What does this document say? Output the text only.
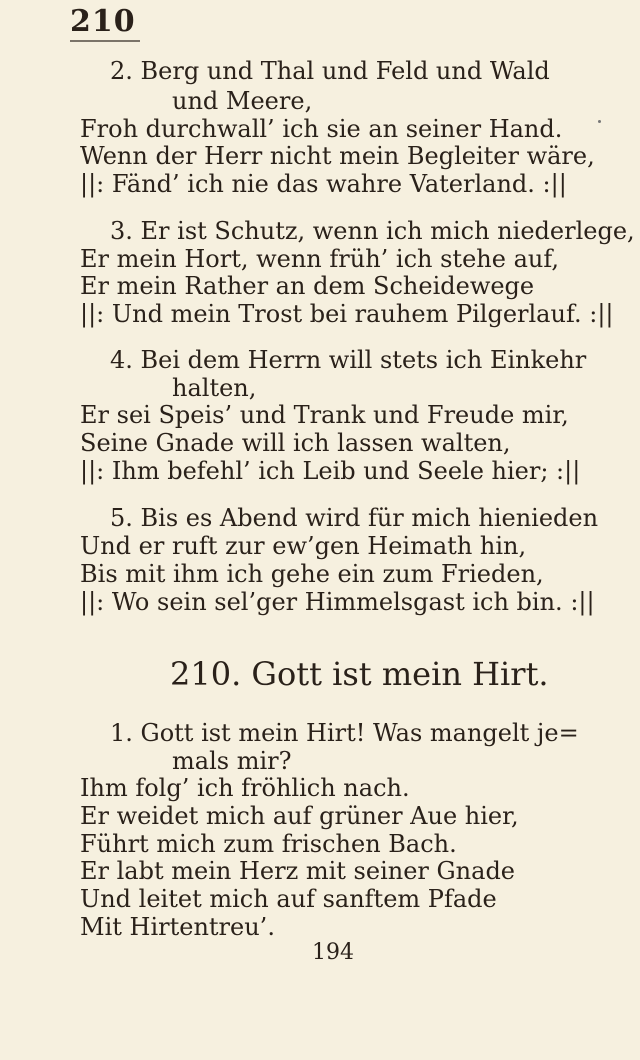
210
2. Berg und Thal und Feld und Wald
und Meere,
Froh durchwall’ ich sie an seiner Hand.
Wenn der Herr nicht mein Begleiter wäre,
||: Fänd’ ich nie das wahre Vaterland. :||
3. Er ist Schutz, wenn ich mich niederlege,
Er mein Hort, wenn früh’ ich stehe auf,
Er mein Rather an dem Scheidewege
||: Und mein Trost bei rauhem Pilgerlauf. :||
4. Bei dem Herrn will stets ich Einkehr
halten,
Er sei Speis’ und Trank und Freude mir,
Seine Gnade will ich lassen walten,
||: Ihm befehl’ ich Leib und Seele hier; :||
5. Bis es Abend wird für mich hienieden
Und er ruft zur ew’gen Heimath hin,
Bis mit ihm ich gehe ein zum Frieden,
||: Wo sein sel’ger Himmelsgast ich bin. :||
210. Gott ist mein Hirt.
1. Gott ist mein Hirt! Was mangelt je=
mals mir?
Ihm folg’ ich fröhlich nach.
Er weidet mich auf grüner Aue hier,
Führt mich zum frischen Bach.
Er labt mein Herz mit seiner Gnade
Und leitet mich auf sanftem Pfade
Mit Hirtentreu’.
194
